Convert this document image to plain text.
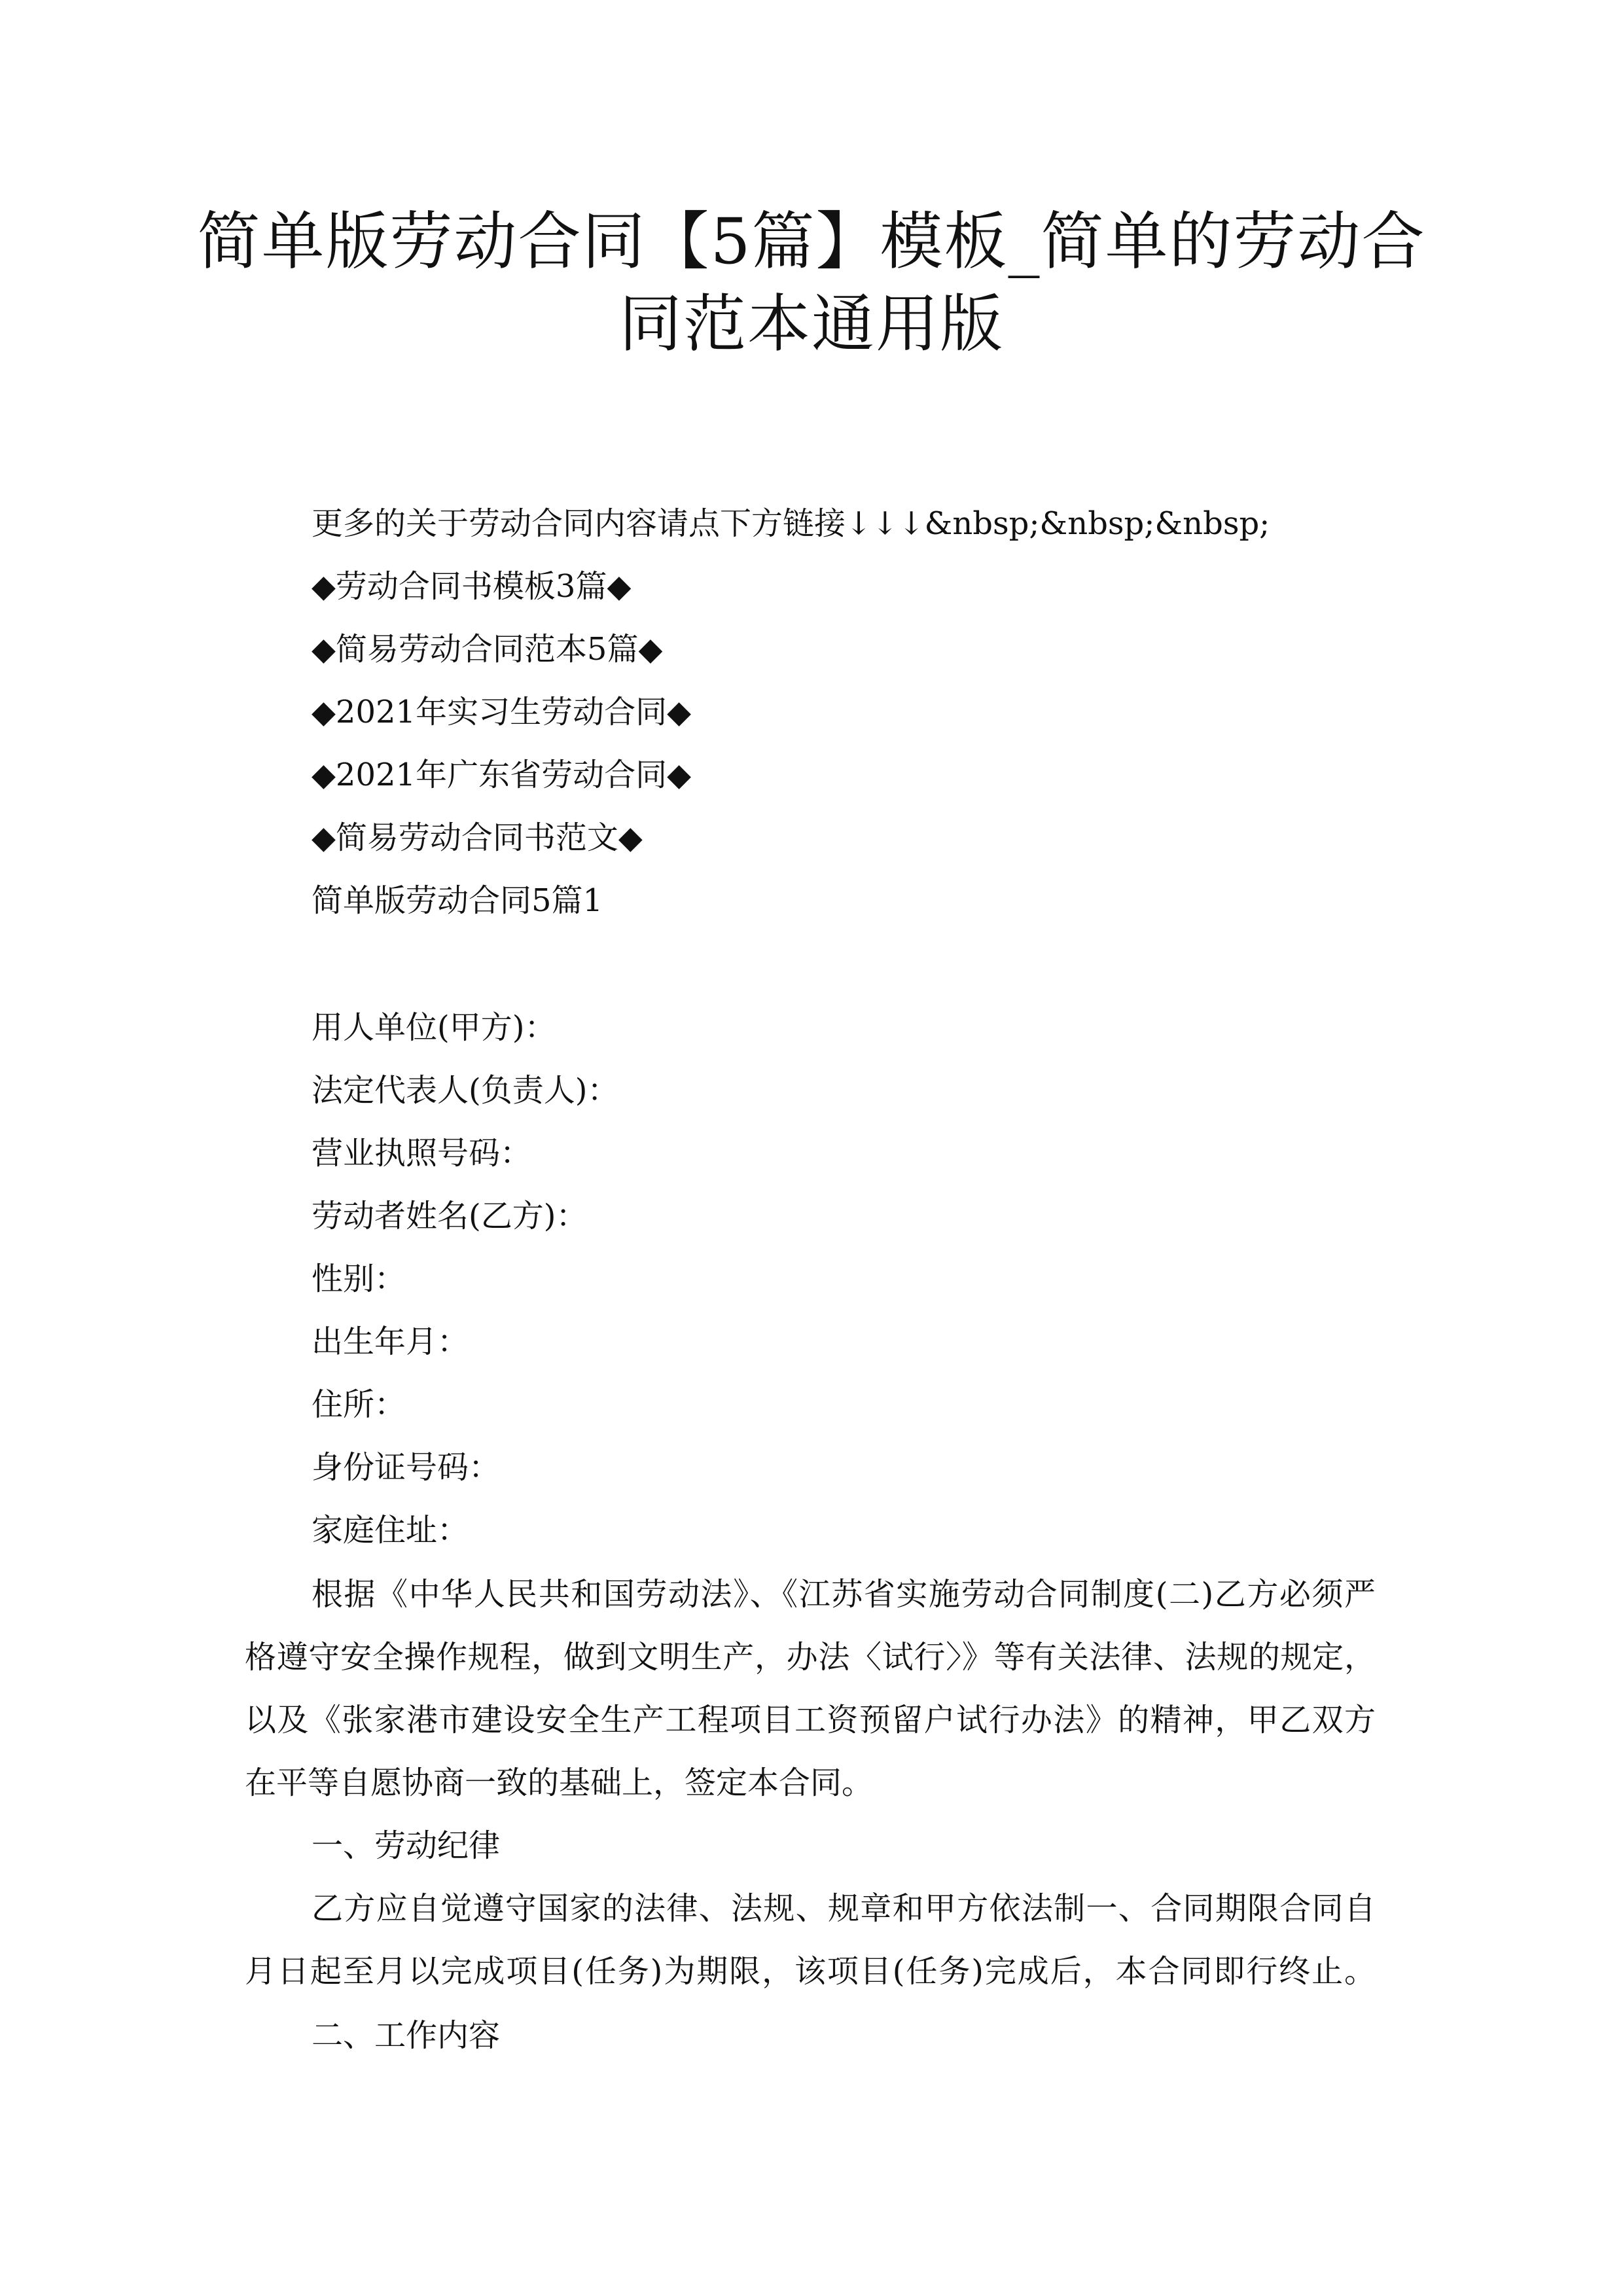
简单版劳动合同【5篇】模板_简单的劳动合
同范本通用版
更多的关于劳动合同内容请点下方链接↓↓↓&nbsp;&nbsp;&nbsp;
◆劳动合同书模板3篇◆
◆简易劳动合同范本5篇◆
◆2021年实习生劳动合同◆
◆2021年广东省劳动合同◆
◆简易劳动合同书范文◆
简单版劳动合同5篇1
用人单位(甲方)：
法定代表人(负责人)：
营业执照号码：
劳动者姓名(乙方)：
性别：
出生年月：
住所：
身份证号码：
家庭住址：
根据《中华人民共和国劳动法》、《江苏省实施劳动合同制度(二)乙方必须严
格遵守安全操作规程，做到文明生产，办法〈试行〉》等有关法律、法规的规定，
以及《张家港市建设安全生产工程项目工资预留户试行办法》的精神，甲乙双方
在平等自愿协商一致的基础上，签定本合同。
一、劳动纪律
乙方应自觉遵守国家的法律、法规、规章和甲方依法制一、合同期限合同自
月日起至月以完成项目(任务)为期限，该项目(任务)完成后，本合同即行终止。
二、工作内容
